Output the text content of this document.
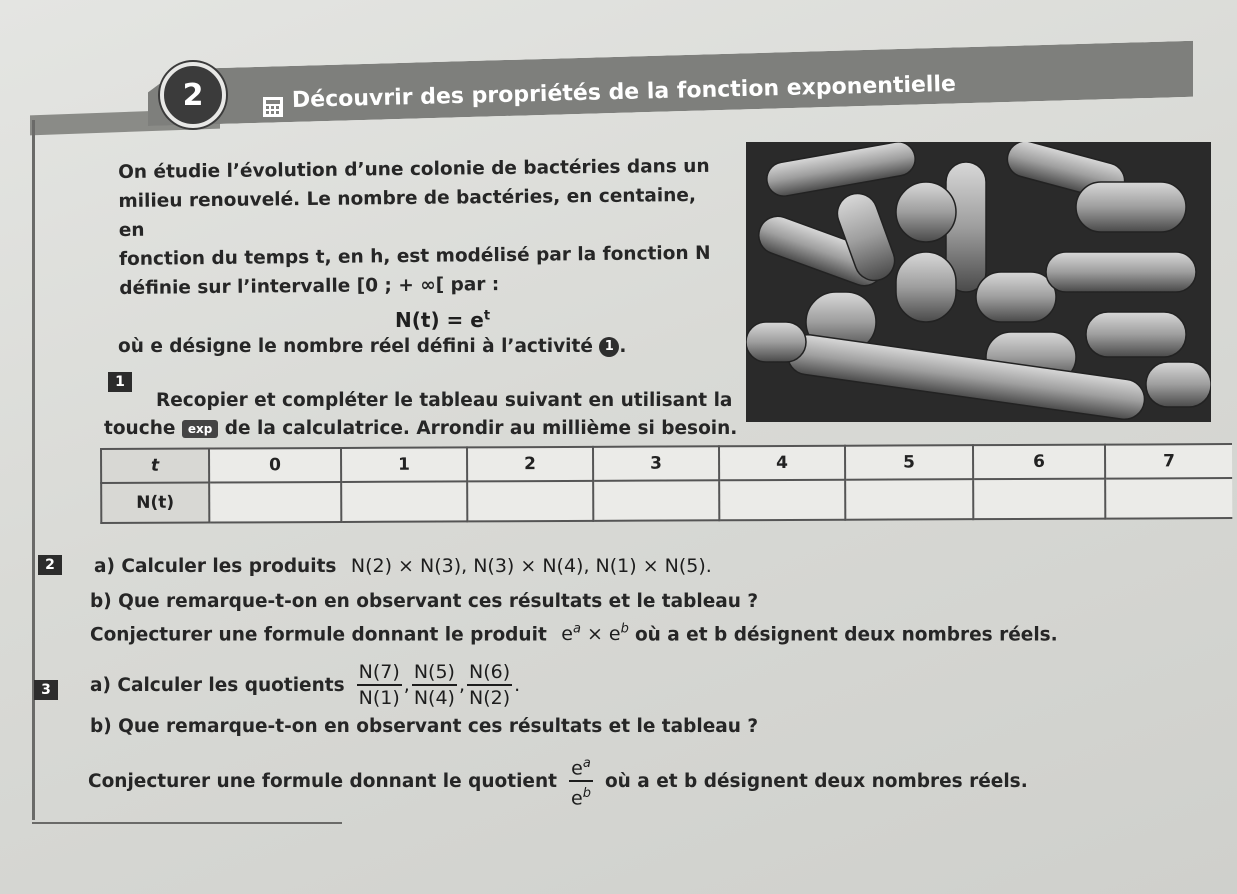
2	Découvrir des propriétés de la fonction exponentielle
On étudie l’évolution d’une colonie de bactéries dans un
milieu renouvelé. Le nombre de bactéries, en centaine, en
fonction du temps t, en h, est modélisé par la fonction N
définie sur l’intervalle [0 ; + ∞[ par :
$N(t) = e^t$
où e désigne le nombre réel défini à l’activité 1 .
1
Recopier et compléter le tableau suivant en utilisant la
touche exp de la calculatrice. Arrondir au millième si besoin.
t	0	1	2	3	4	5	6	7
N(t)								
2	a) Calculer les produits N(2) × N(3), N(3) × N(4), N(1) × N(5).
b) Que remarque-t-on en observant ces résultats et le tableau ?
Conjecturer une formule donnant le produit $e^a \times e^b$ où a et b désignent deux nombres réels.
3	a)
Calculer les quotients $\frac{N(7)}{N(1)}$ , $\frac{N(5)}{N(4)}$ , $\frac{N(6)}{N(2)}$ .
b) Que remarque-t-on en observant ces résultats et le tableau ?
Conjecturer une formule donnant le quotient $\frac{e^a}{e^b}$ où a et b désignent deux nombres réels.
